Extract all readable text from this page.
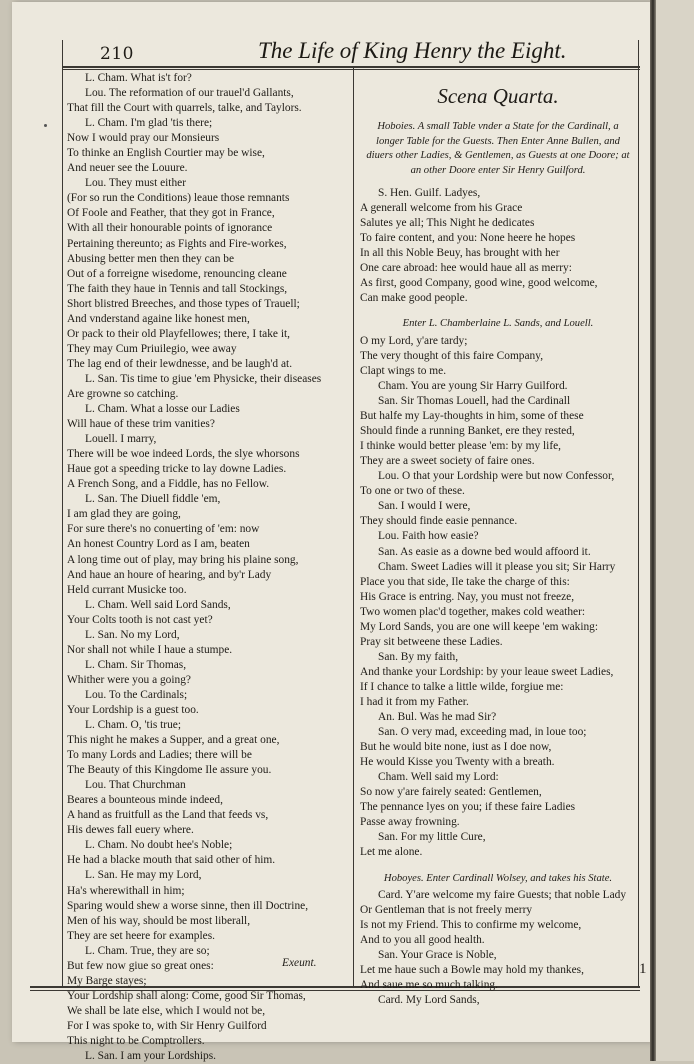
210	The Life of King Henry the Eight.
L. Cham. What is't for?
Lou. The reformation of our trauel'd Gallants,
That fill the Court with quarrels, talke, and Taylors.
L. Cham. I'm glad 'tis there;
Now I would pray our Monsieurs
To thinke an English Courtier may be wise,
And neuer see the Louure.
Lou. They must either
(For so run the Conditions) leaue those remnants
Of Foole and Feather, that they got in France,
With all their honourable points of ignorance
Pertaining thereunto; as Fights and Fire-workes,
Abusing better men then they can be
Out of a forreigne wisedome, renouncing cleane
The faith they haue in Tennis and tall Stockings,
Short blistred Breeches, and those types of Trauell;
And vnderstand againe like honest men,
Or pack to their old Playfellowes; there, I take it,
They may Cum Priuilegio, wee away
The lag end of their lewdnesse, and be laugh'd at.
L. San. Tis time to giue 'em Physicke, their diseases
Are growne so catching.
L. Cham. What a losse our Ladies
Will haue of these trim vanities?
Louell. I marry,
There will be woe indeed Lords, the slye whorsons
Haue got a speeding tricke to lay downe Ladies.
A French Song, and a Fiddle, has no Fellow.
L. San. The Diuell fiddle 'em,
I am glad they are going,
For sure there's no conuerting of 'em: now
An honest Country Lord as I am, beaten
A long time out of play, may bring his plaine song,
And haue an houre of hearing, and by'r Lady
Held currant Musicke too.
L. Cham. Well said Lord Sands,
Your Colts tooth is not cast yet?
L. San. No my Lord,
Nor shall not while I haue a stumpe.
L. Cham. Sir Thomas,
Whither were you a going?
Lou. To the Cardinals;
Your Lordship is a guest too.
L. Cham. O, 'tis true;
This night he makes a Supper, and a great one,
To many Lords and Ladies; there will be
The Beauty of this Kingdome Ile assure you.
Lou. That Churchman
Beares a bounteous minde indeed,
A hand as fruitfull as the Land that feeds vs,
His dewes fall euery where.
L. Cham. No doubt hee's Noble;
He had a blacke mouth that said other of him.
L. San. He may my Lord,
Ha's wherewithall in him;
Sparing would shew a worse sinne, then ill Doctrine,
Men of his way, should be most liberall,
They are set heere for examples.
L. Cham. True, they are so;
But few now giue so great ones:
My Barge stayes;
Your Lordship shall along: Come, good Sir Thomas,
We shall be late else, which I would not be,
For I was spoke to, with Sir Henry Guilford
This night to be Comptrollers.
L. San. I am your Lordships.
Exeunt.
Scena Quarta.
Hoboies. A small Table vnder a State for the Cardinall, a longer Table for the Guests. Then Enter Anne Bullen, and diuers other Ladies, & Gentlemen, as Guests at one Doore; at an other Doore enter Sir Henry Guilford.
S. Hen. Guilf. Ladyes,
A generall welcome from his Grace
Salutes ye all; This Night he dedicates
To faire content, and you: None heere he hopes
In all this Noble Beuy, has brought with her
One care abroad: hee would haue all as merry:
As first, good Company, good wine, good welcome,
Can make good people.
Enter L. Chamberlaine L. Sands, and Louell.
O my Lord, y'are tardy;
The very thought of this faire Company,
Clapt wings to me.
Cham. You are young Sir Harry Guilford.
San. Sir Thomas Louell, had the Cardinall
But halfe my Lay-thoughts in him, some of these
Should finde a running Banket, ere they rested,
I thinke would better please 'em: by my life,
They are a sweet society of faire ones.
Lou. O that your Lordship were but now Confessor,
To one or two of these.
San. I would I were,
They should finde easie pennance.
Lou. Faith how easie?
San. As easie as a downe bed would affoord it.
Cham. Sweet Ladies will it please you sit; Sir Harry
Place you that side, Ile take the charge of this:
His Grace is entring. Nay, you must not freeze,
Two women plac'd together, makes cold weather:
My Lord Sands, you are one will keepe 'em waking:
Pray sit betweene these Ladies.
San. By my faith,
And thanke your Lordship: by your leaue sweet Ladies,
If I chance to talke a little wilde, forgiue me:
I had it from my Father.
An. Bul. Was he mad Sir?
San. O very mad, exceeding mad, in loue too;
But he would bite none, iust as I doe now,
He would Kisse you Twenty with a breath.
Cham. Well said my Lord:
So now y'are fairely seated: Gentlemen,
The pennance lyes on you; if these faire Ladies
Passe away frowning.
San. For my little Cure,
Let me alone.
Hoboyes. Enter Cardinall Wolsey, and takes his State.
Card. Y'are welcome my faire Guests; that noble Lady
Or Gentleman that is not freely merry
Is not my Friend. This to confirme my welcome,
And to you all good health.
San. Your Grace is Noble,
Let me haue such a Bowle may hold my thankes,
And saue me so much talking.
Card. My Lord Sands,
1
